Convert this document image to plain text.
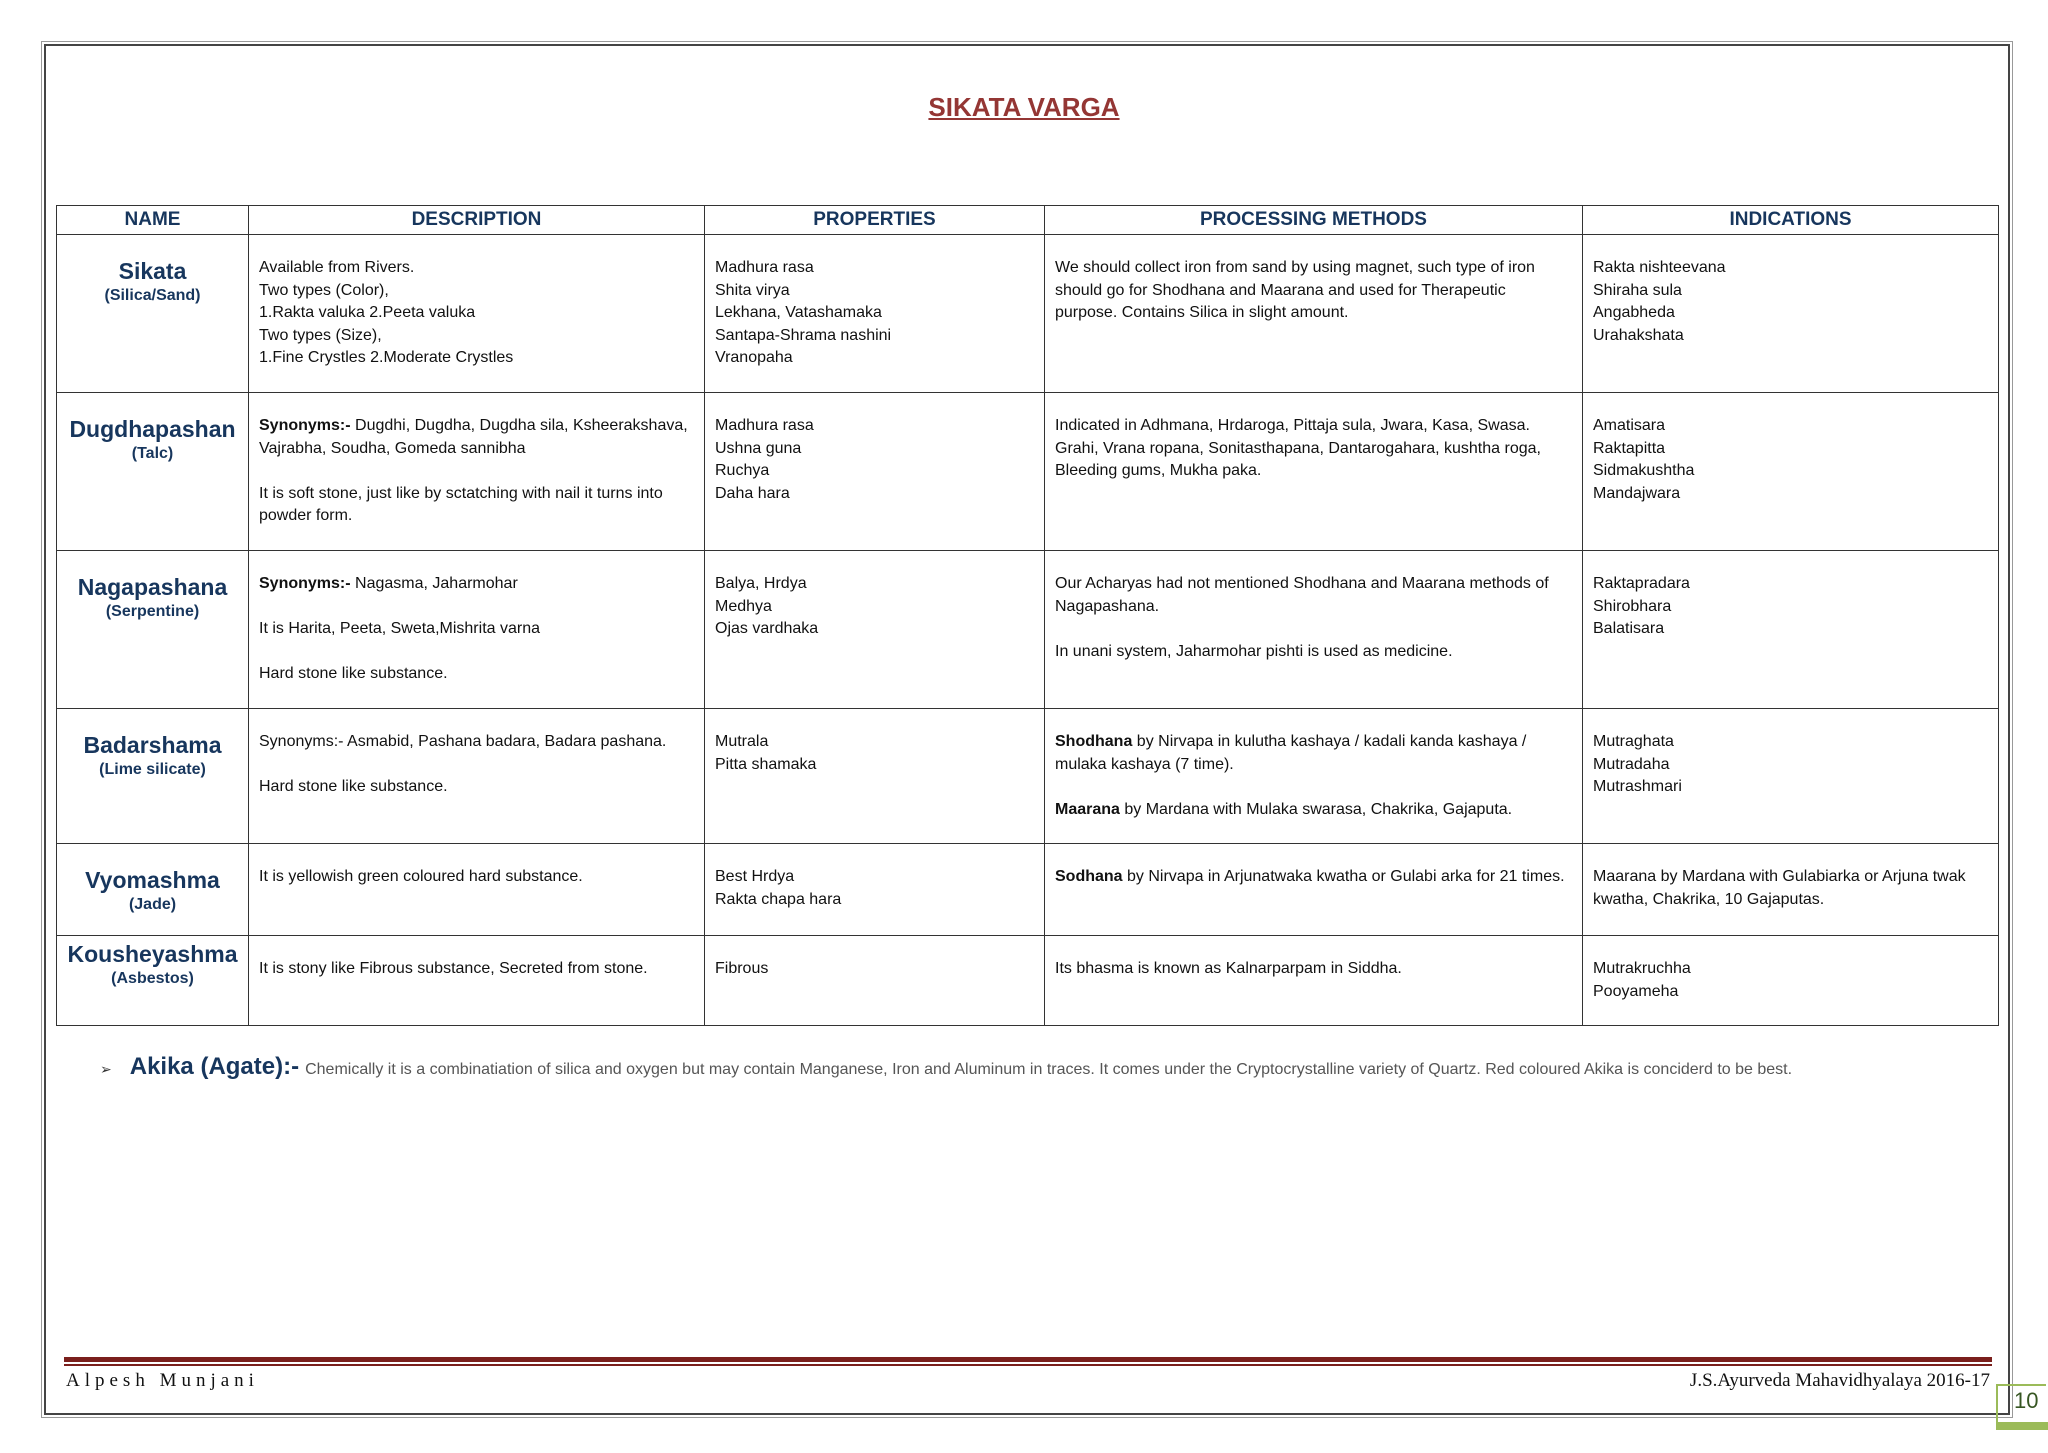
SIKATA VARGA
NAME	DESCRIPTION	PROPERTIES	PROCESSING METHODS	INDICATIONS

Sikata
(Silica/Sand)	Available from Rivers.
Two types (Color),
1.Rakta valuka 2.Peeta valuka
Two types (Size),
1.Fine Crystles 2.Moderate Crystles	Madhura rasa
Shita virya
Lekhana, Vatashamaka
Santapa-Shrama nashini
Vranopaha	We should collect iron from sand by using magnet, such type of iron should go for Shodhana and Maarana and used for Therapeutic purpose. Contains Silica in slight amount.	Rakta nishteevana
Shiraha sula
Angabheda
Urahakshata

Dugdhapashan
(Talc)	Synonyms:- Dugdhi, Dugdha, Dugdha sila, Ksheerakshava, Vajrabha, Soudha, Gomeda sannibha
It is soft stone, just like by sctatching with nail it turns into powder form.	Madhura rasa
Ushna guna
Ruchya
Daha hara	Indicated in Adhmana, Hrdaroga, Pittaja sula, Jwara, Kasa, Swasa. Grahi, Vrana ropana, Sonitasthapana, Dantarogahara, kushtha roga, Bleeding gums, Mukha paka.	Amatisara
Raktapitta
Sidmakushtha
Mandajwara

Nagapashana
(Serpentine)	Synonyms:- Nagasma, Jaharmohar
It is Harita, Peeta, Sweta,Mishrita varna
Hard stone like substance.	Balya, Hrdya
Medhya
Ojas vardhaka	Our Acharyas had not mentioned Shodhana and Maarana methods of Nagapashana.
In unani system, Jaharmohar pishti is used as medicine.	Raktapradara
Shirobhara
Balatisara

Badarshama
(Lime silicate)	Synonyms:- Asmabid, Pashana badara, Badara pashana.
Hard stone like substance.	Mutrala
Pitta shamaka	Shodhana by Nirvapa in kulutha kashaya / kadali kanda kashaya / mulaka kashaya (7 time).
Maarana by Mardana with Mulaka swarasa, Chakrika, Gajaputa.	Mutraghata
Mutradaha
Mutrashmari

Vyomashma
(Jade)	It is yellowish green coloured hard substance.	Best Hrdya
Rakta chapa hara	Sodhana by Nirvapa in Arjunatwaka kwatha or Gulabi arka for 21 times.	Maarana by Mardana with Gulabiarka or Arjuna twak kwatha, Chakrika, 10 Gajaputas.

Kousheyashma
(Asbestos)	It is stony like Fibrous substance, Secreted from stone.	Fibrous	Its bhasma is known as Kalnarparpam in Siddha.	Mutrakruchha
Pooyameha
➢ Akika (Agate):- Chemically it is a combinatiation of silica and oxygen but may contain Manganese, Iron and Aluminum in traces. It comes under the Cryptocrystalline variety of Quartz. Red coloured Akika is conciderd to be best.
Alpesh Munjani	J.S.Ayurveda Mahavidhyalaya 2016-17
10
